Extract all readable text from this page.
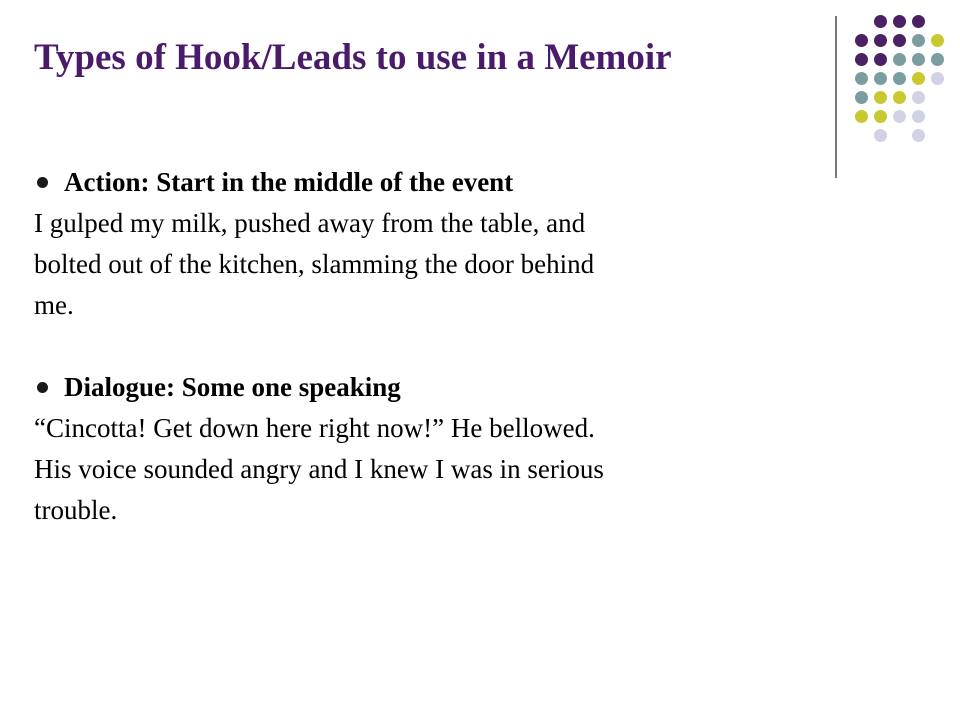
Types of Hook/Leads to use in a Memoir

Action: Start in the middle of the event

I gulped my milk, pushed away from the table, and

bolted out of the kitchen, slamming the door behind

me.

Dialogue: Some one speaking

“Cincotta! Get down here right now!” He bellowed.

His voice sounded angry and I knew I was in serious

trouble.
